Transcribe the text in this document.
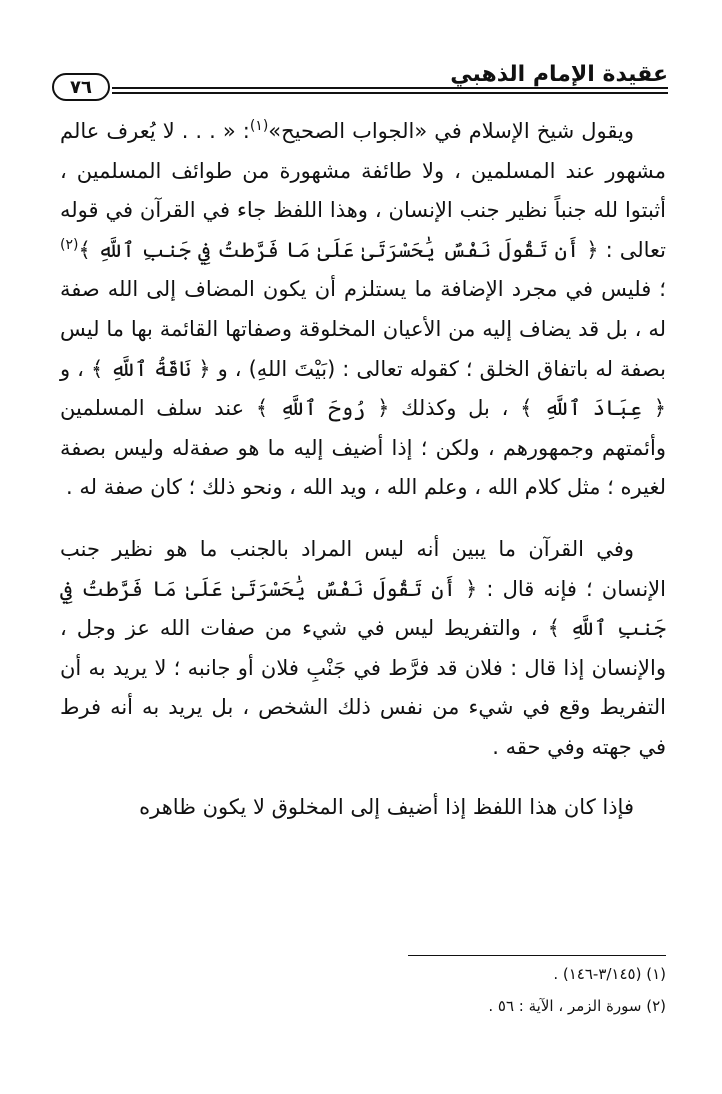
عقيدة الإمام الذهبي
٧٦

ويقول شيخ الإسلام في «الجواب الصحيح»$^{(١)}$: « . . . لا يُعرف عالم مشهور عند المسلمين ، ولا طائفة مشهورة من طوائف المسلمين ، أثبتوا لله جنباً نظير جنب الإنسان ، وهذا اللفظ جاء في القرآن في قوله تعالى : ﴿ أَن تَقُولَ نَفْسٌ يَٰحَسْرَتَىٰ عَلَىٰ مَا فَرَّطتُ فِي جَنبِ ٱللَّهِ ﴾$^{(٢)}$ ؛ فليس في مجرد الإضافة ما يستلزم أن يكون المضاف إلى الله صفة له ، بل قد يضاف إليه من الأعيان المخلوقة وصفاتها القائمة بها ما ليس بصفة له باتفاق الخلق ؛ كقوله تعالى : (بَيْتَ اللهِ) ، و ﴿ نَاقَةُ ٱللَّهِ ﴾ ، و ﴿ عِبَادَ ٱللَّهِ ﴾ ، بل وكذلك ﴿ رُوحَ ٱللَّهِ ﴾ عند سلف المسلمين وأئمتهم وجمهورهم ، ولكن ؛ إذا أضيف إليه ما هو صفةله وليس بصفة لغيره ؛ مثل كلام الله ، وعلم الله ، ويد الله ، ونحو ذلك ؛ كان صفة له .

وفي القرآن ما يبين أنه ليس المراد بالجنب ما هو نظير جنب الإنسان ؛ فإنه قال : ﴿ أَن تَقُولَ نَفْسٌ يَٰحَسْرَتَىٰ عَلَىٰ مَا فَرَّطتُ فِي جَنبِ ٱللَّهِ ﴾ ، والتفريط ليس في شيء من صفات الله عز وجل ، والإنسان إذا قال : فلان قد فرَّط في جَنْبِ فلان أو جانبه ؛ لا يريد به أن التفريط وقع في شيء من نفس ذلك الشخص ، بل يريد به أنه فرط في جهته وفي حقه .

فإذا كان هذا اللفظ إذا أضيف إلى المخلوق لا يكون ظاهره

(١) (٣/١٤٥-١٤٦) .

(٢) سورة الزمر ، الآية : ٥٦ .
